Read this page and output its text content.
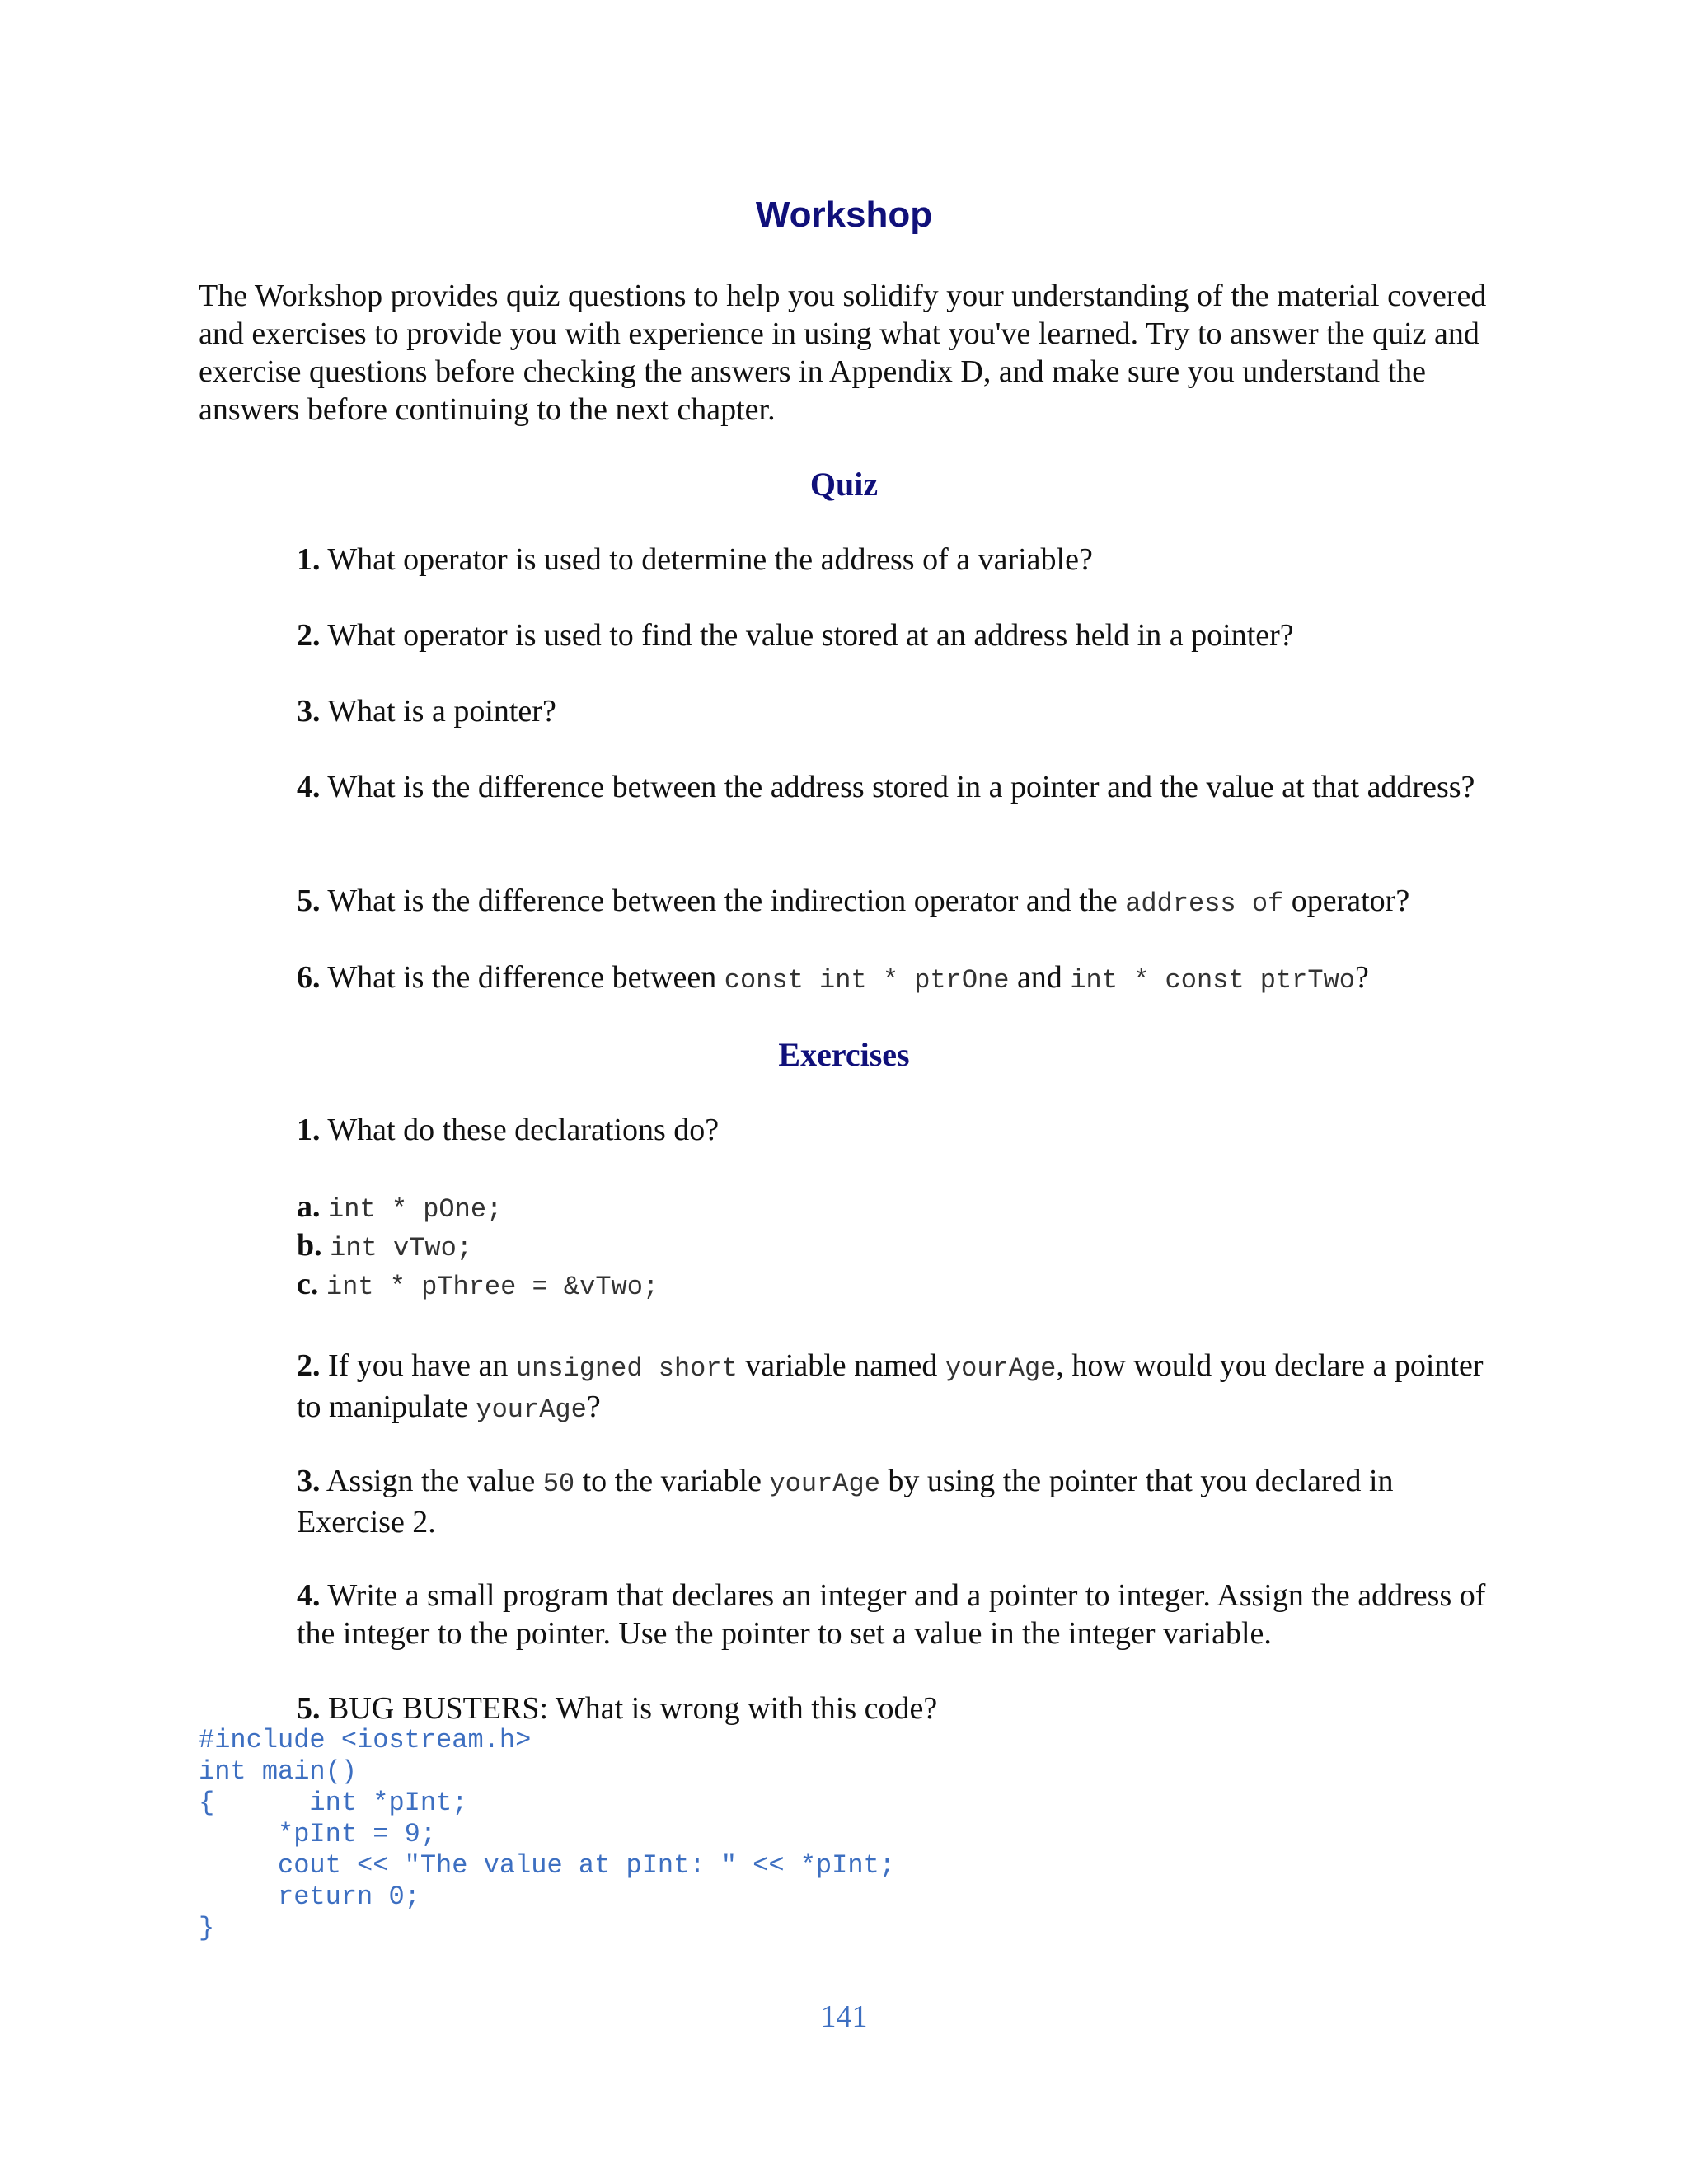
Workshop

The Workshop provides quiz questions to help you solidify your understanding of the material covered and exercises to provide you with experience in using what you've learned. Try to answer the quiz and exercise questions before checking the answers in Appendix D, and make sure you understand the answers before continuing to the next chapter.

Quiz

1. What operator is used to determine the address of a variable?

2. What operator is used to find the value stored at an address held in a pointer?

3. What is a pointer?

4. What is the difference between the address stored in a pointer and the value at that address?

5. What is the difference between the indirection operator and the address of operator?

6. What is the difference between const int * ptrOne and int * const ptrTwo?

Exercises

1. What do these declarations do?

a. int * pOne;

b. int vTwo;

c. int * pThree = &vTwo;

2. If you have an unsigned short variable named yourAge, how would you declare a pointer to manipulate yourAge?

3. Assign the value 50 to the variable yourAge by using the pointer that you declared in Exercise 2.

4. Write a small program that declares an integer and a pointer to integer. Assign the address of the integer to the pointer. Use the pointer to set a value in the integer variable.

5. BUG BUSTERS: What is wrong with this code?

#include <iostream.h>
int main()
{      int *pInt;
*pInt = 9;
cout << "The value at pInt: " << *pInt;
return 0;
}
141
